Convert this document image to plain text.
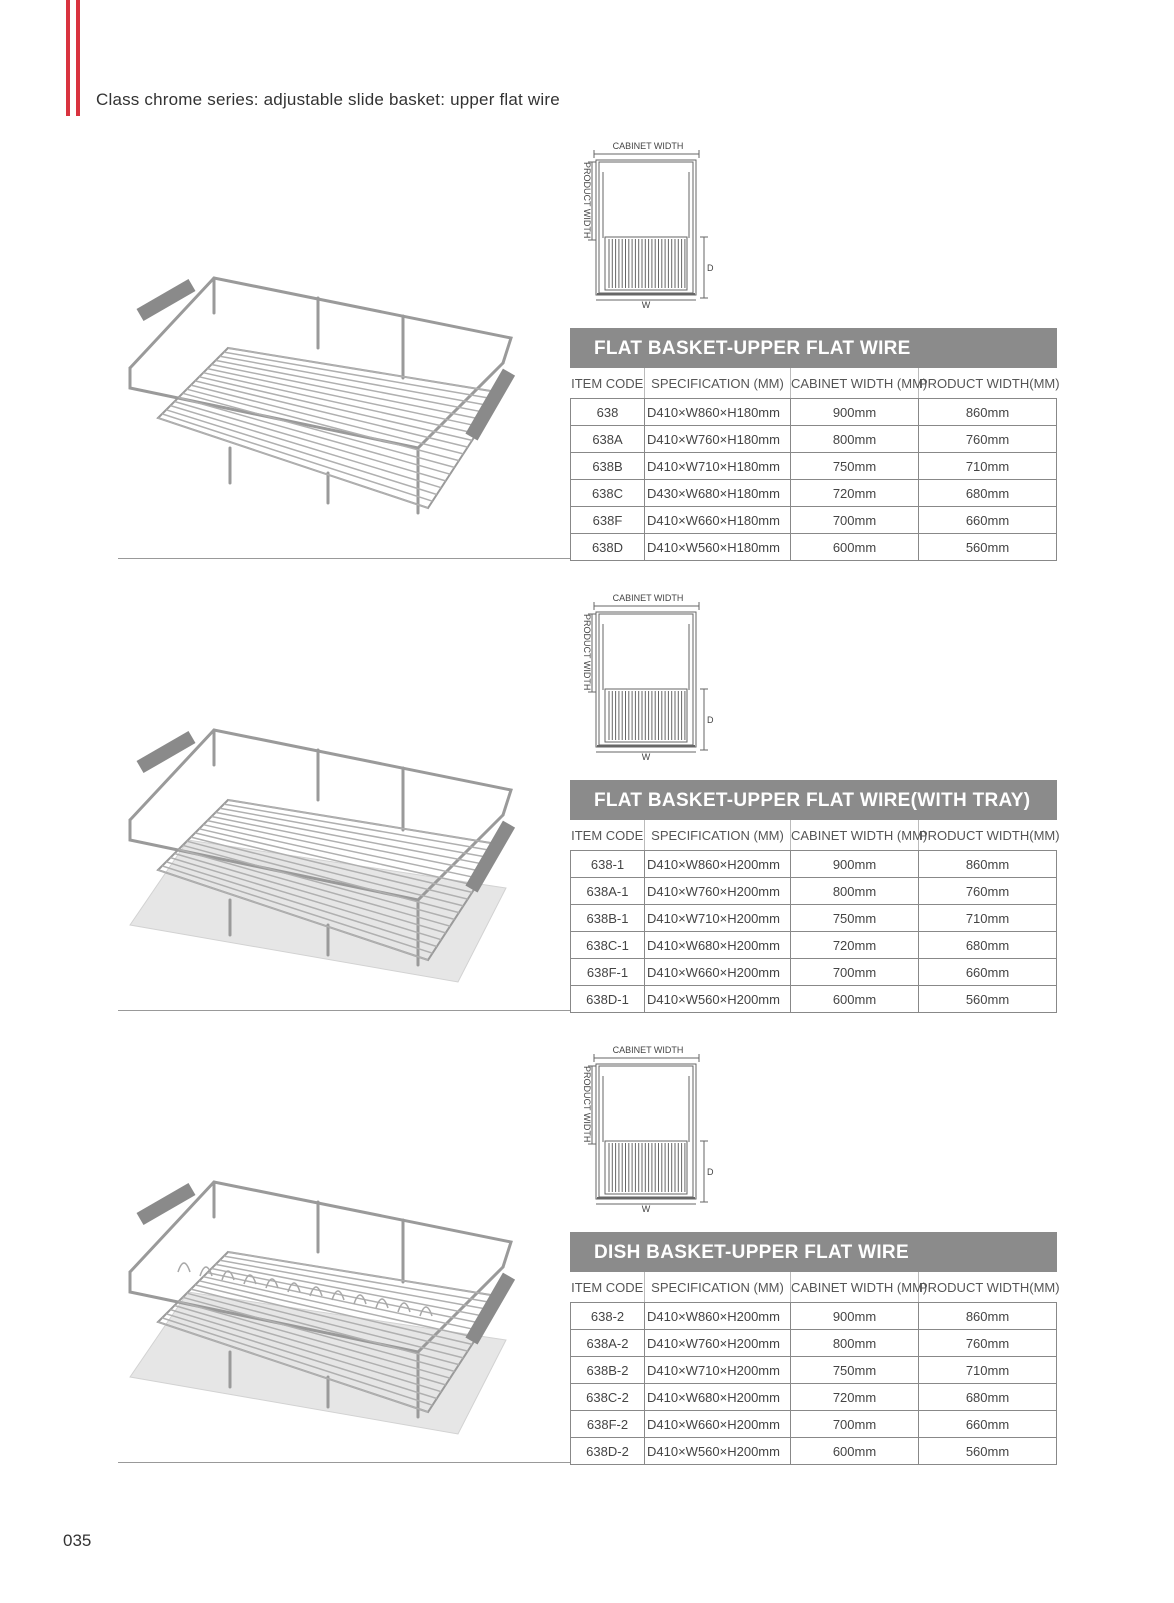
Class chrome series: adjustable slide basket: upper flat wire
CABINET WIDTH
PRODUCT WIDTH
D
W
FLAT BASKET-UPPER FLAT WIRE
ITEM CODE	SPECIFICATION (MM)	CABINET WIDTH (MM)	PRODUCT WIDTH(MM)
638	D410×W860×H180mm	900mm	860mm
638A	D410×W760×H180mm	800mm	760mm
638B	D410×W710×H180mm	750mm	710mm
638C	D430×W680×H180mm	720mm	680mm
638F	D410×W660×H180mm	700mm	660mm
638D	D410×W560×H180mm	600mm	560mm
CABINET WIDTH
PRODUCT WIDTH
D
W
FLAT BASKET-UPPER FLAT WIRE(WITH TRAY)
ITEM CODE	SPECIFICATION (MM)	CABINET WIDTH (MM)	PRODUCT WIDTH(MM)
638-1	D410×W860×H200mm	900mm	860mm
638A-1	D410×W760×H200mm	800mm	760mm
638B-1	D410×W710×H200mm	750mm	710mm
638C-1	D410×W680×H200mm	720mm	680mm
638F-1	D410×W660×H200mm	700mm	660mm
638D-1	D410×W560×H200mm	600mm	560mm
CABINET WIDTH
PRODUCT WIDTH
D
W
DISH BASKET-UPPER FLAT WIRE
ITEM CODE	SPECIFICATION (MM)	CABINET WIDTH (MM)	PRODUCT WIDTH(MM)
638-2	D410×W860×H200mm	900mm	860mm
638A-2	D410×W760×H200mm	800mm	760mm
638B-2	D410×W710×H200mm	750mm	710mm
638C-2	D410×W680×H200mm	720mm	680mm
638F-2	D410×W660×H200mm	700mm	660mm
638D-2	D410×W560×H200mm	600mm	560mm
035
